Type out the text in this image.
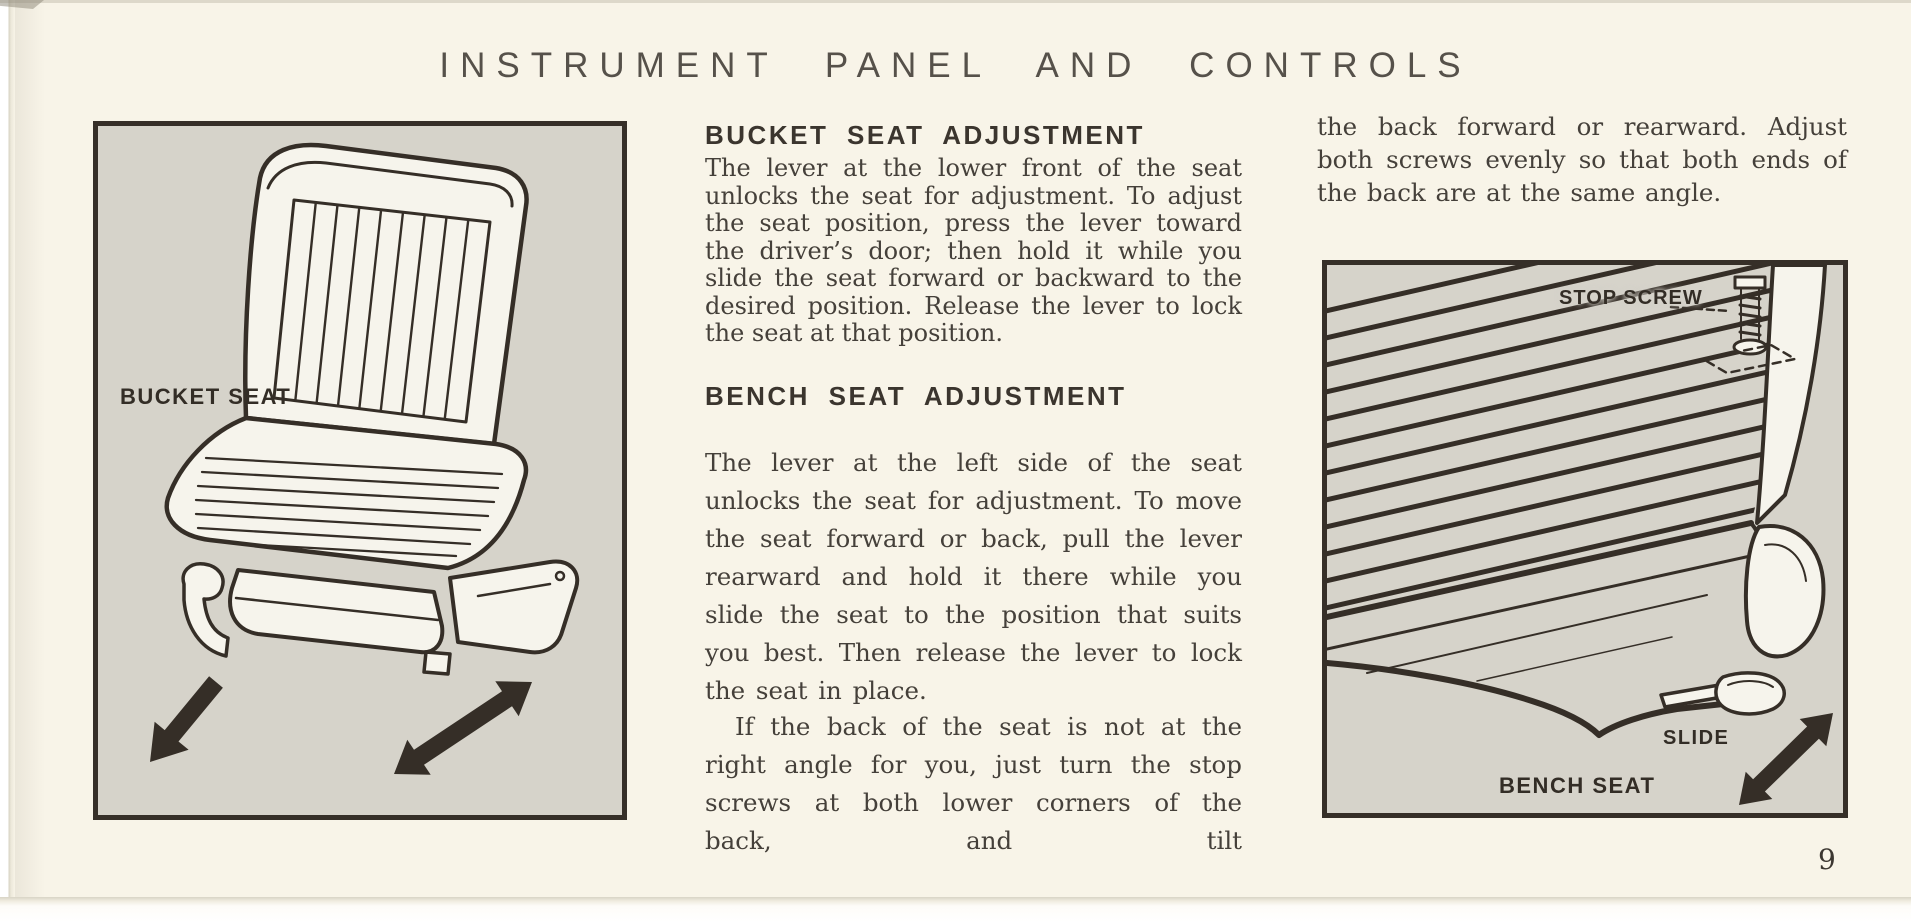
INSTRUMENT PANEL AND CONTROLS
BUCKET SEAT
BUCKET SEAT ADJUSTMENT

The lever at the lower front of the seat unlocks the seat for adjustment. To adjust the seat position, press the lever toward the driver’s door; then hold it while you slide the seat forward or backward to the desired position. Release the lever to lock the seat at that position.

BENCH SEAT ADJUSTMENT

The lever at the left side of the seat unlocks the seat for adjustment. To move the seat forward or back, pull the lever rearward and hold it there while you slide the seat to the position that suits you best. Then release the lever to lock the seat in place.

If the back of the seat is not at the right angle for you, just turn the stop screws at both lower corners of the back, and tilt

the back forward or rearward. Adjust both screws evenly so that both ends of the back are at the same angle.

STOP SCREW
SLIDE
BENCH SEAT
9
